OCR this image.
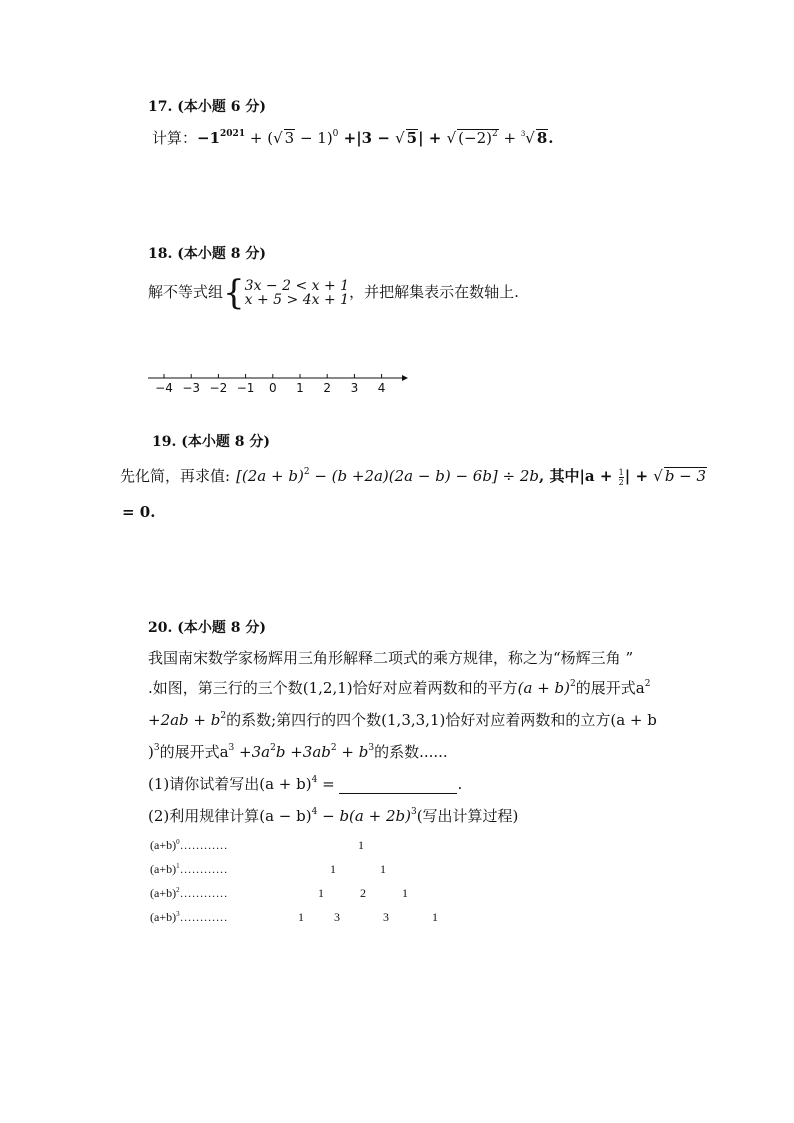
17. (本小题 6 分)
计算：$-1^{2021}$ + (√ 3 − 1)$^0$ +|3 − √ 5| + √ $(-2)^2 + ^3√$ 8.
18. (本小题 8 分)
解不等式组{ 3x − 2 < x + 1
x + 5 > 4x + 1 ，并把解集表示在数轴上.
−4 −3 −2 −1	0	1	2	3	4
19. (本小题 8 分)
先化简，再求值: $[(2a + b)^2 - (b +2a)(2a - b) - 6b] \div 2b$, 其中$|a + \frac{1}{2}$ | + √ b − 3
= 0.
20. (本小题 8 分)
我国南宋数学家杨辉用三角形解释二项式的乘方规律，称之为“杨辉三角 ”
.如图，第三行的三个数(1,2,1)恰好对应着两数和的平方$(a + b)^2$的展开式$a^2$
$+2ab + b^2$的系数;第四行的四个数(1,3,3,1)恰好对应着两数和的立方(a + b
)$^3$的展开式$a^3 +3a^2b +3ab^2 + b^3$的系数......
(1)请你试着写出$(a + b)^4$ =	.
(2)利用规律计算$(a - b)^4 - b(a + 2b)^3$(写出计算过程)
$(a+b)^0\dots\dots\dots\dots$	1
$(a+b)^1\dots\dots\dots\dots$	1	1
$(a+b)^2\dots\dots\dots\dots$	1	2	1
$(a+b)^3\dots\dots\dots\dots$	1	3	3	1
